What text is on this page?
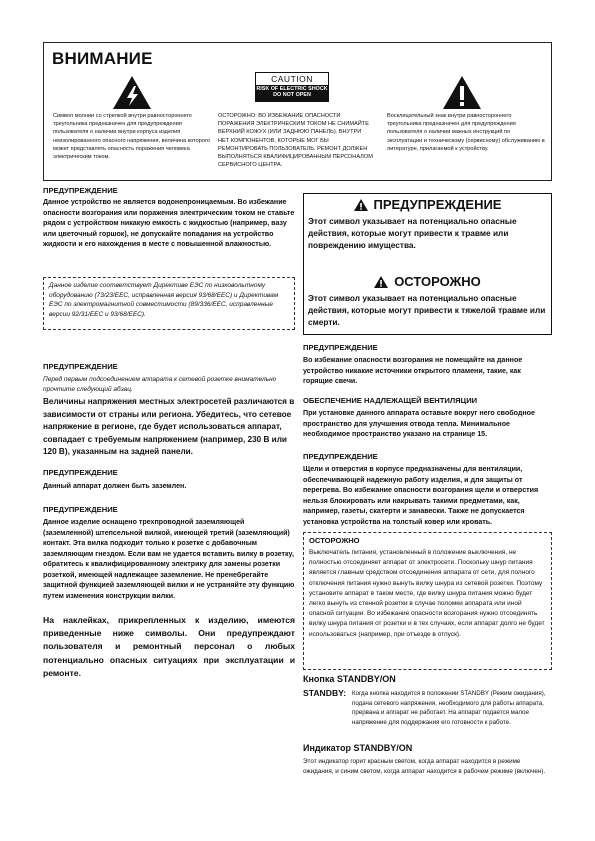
ВНИМАНИЕ

Символ молнии со стрелкой внутри равностороннего треугольника предназначен для предупреждения пользователя о наличии внутри корпуса изделия неизолированного опасного напряжения, величина которого может представлять опасность поражения человека электрическим током.

CAUTION
RISK OF ELECTRIC SHOCK
DO NOT OPEN

ОСТОРОЖНО: ВО ИЗБЕЖАНИЕ ОПАСНОСТИ ПОРАЖЕНИЯ ЭЛЕКТРИЧЕСКИМ ТОКОМ НЕ СНИМАЙТЕ ВЕРХНИЙ КОЖУХ (ИЛИ ЗАДНЮЮ ПАНЕЛЬ). ВНУТРИ НЕТ КОМПОНЕНТОВ, КОТОРЫЕ МОГ БЫ РЕМОНТИРОВАТЬ ПОЛЬЗОВАТЕЛЬ. РЕМОНТ ДОЛЖЕН ВЫПОЛНЯТЬСЯ КВАЛИФИЦИРОВАННЫМ ПЕРСОНАЛОМ СЕРВИСНОГО ЦЕНТРА.

Восклицательный знак внутри равностороннего треугольника предназначен для предупреждения пользователя о наличии важных инструкций по эксплуатации и техническому (сервисному) обслуживанию в литературе, прилагаемой к устройству.

ПРЕДУПРЕЖДЕНИЕ

Данное устройство не является водонепроницаемым. Во избежание опасности возгорания или поражения электрическим током не ставьте рядом с устройством никакую емкость с жидкостью (например, вазу или цветочный горшок), не допускайте попадания на устройство жидкости и его нахождения в месте с повышенной влажностью.

Данное изделие соответствует Директиве ЕЭС по низковольтному оборудованию (73/23/EEC, исправленная версия 93/68/EEC) и Директивам ЕЭС по электромагнитной совместимости (89/336/EEC, исправленные версии 92/31/EEC и 93/68/EEC).

ПРЕДУПРЕЖДЕНИЕ

Перед первым подсоединением аппарата к сетевой розетке внимательно прочтите следующий абзац.

Величины напряжения местных электросетей различаются в зависимости от страны или региона. Убедитесь, что сетевое напряжение в регионе, где будет использоваться аппарат, совпадает с требуемым напряжением (например, 230 В или 120 В), указанным на задней панели.

ПРЕДУПРЕЖДЕНИЕ

Данный аппарат должен быть заземлен.

ПРЕДУПРЕЖДЕНИЕ

Данное изделие оснащено трехпроводной заземляющей (заземленной) штепсельной вилкой, имеющей третий (заземляющий) контакт. Эта вилка подходит только к розетке с добавочным заземляющим гнездом. Если вам не удается вставить вилку в розетку, обратитесь к квалифицированному электрику для замены розетки розеткой, имеющей надлежащее заземление. Не пренебрегайте защитной функцией заземляющей вилки и не устраняйте эту функцию путем изменения конструкции вилки.

На наклейках, прикрепленных к изделию, имеются приведенные ниже символы. Они предупреждают пользователя и ремонтный персонал о любых потенциально опасных ситуациях при эксплуатации и ремонте.

ПРЕДУПРЕЖДЕНИЕ

Этот символ указывает на потенциально опасные действия, которые могут привести к травме или повреждению имущества.

ОСТОРОЖНО

Этот символ указывает на потенциально опасные действия, которые могут привести к тяжелой травме или смерти.

ПРЕДУПРЕЖДЕНИЕ

Во избежание опасности возгорания не помещайте на данное устройство никакие источники открытого пламени, такие, как горящие свечи.

ОБЕСПЕЧЕНИЕ НАДЛЕЖАЩЕЙ ВЕНТИЛЯЦИИ

При установке данного аппарата оставьте вокруг него свободное пространство для улучшения отвода тепла. Минимальное необходимое пространство указано на странице 15.

ПРЕДУПРЕЖДЕНИЕ

Щели и отверстия в корпусе предназначены для вентиляции, обеспечивающей надежную работу изделия, и для защиты от перегрева. Во избежание опасности возгорания щели и отверстия нельзя блокировать или накрывать такими предметами, как, например, газеты, скатерти и занавески. Также не допускается установка устройства на толстый ковер или кровать.

ОСТОРОЖНО

Выключатель питания, установленный в положение выключения, не полностью отсоединяет аппарат от электросети. Поскольку шнур питания является главным средством отсоединения аппарата от сети, для полного отключения питания нужно вынуть вилку шнура из сетевой розетки. Поэтому установите аппарат в таком месте, где вилку шнура питания можно будет легко вынуть из стенной розетки в случае поломки аппарата или иной опасной ситуации. Во избежание опасности возгорания нужно отсоединять вилку шнура питания от розетки и в тех случаях, если аппарат долго не будет использоваться (например, при отъезде в отпуск).

Кнопка STANDBY/ON
STANDBY: Когда кнопка находится в положении STANDBY (Режим ожидания), подача сетевого напряжения, необходимого для работы аппарата, прервана и аппарат не работает. На аппарат подается малое напряжение для поддержания его готовности к работе.

Индикатор STANDBY/ON

Этот индикатор горит красным светом, когда аппарат находится в режиме ожидания, и синим светом, когда аппарат находится в рабочем режиме (включен).
